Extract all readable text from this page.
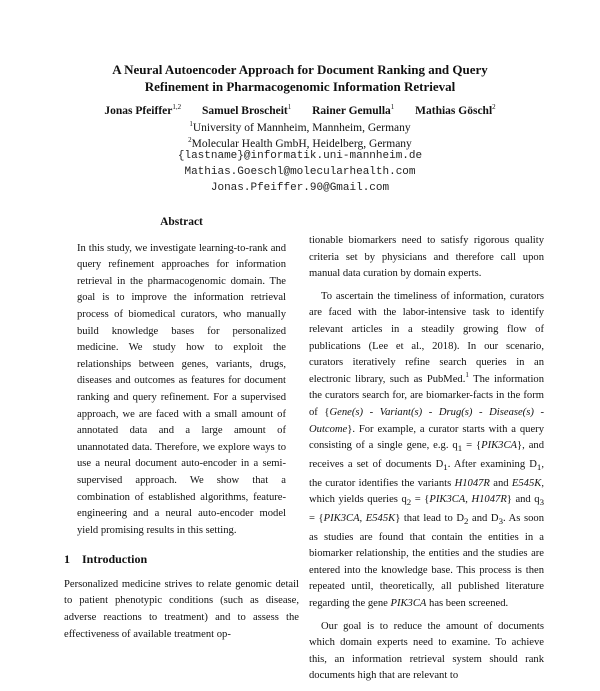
A Neural Autoencoder Approach for Document Ranking and Query
Refinement in Pharmacogenomic Information Retrieval
Jonas Pfeiffer$^{1,2}$ Samuel Broscheit$^1$ Rainer Gemulla$^1$ Mathias Göschl$^2$
$^1$University of Mannheim, Mannheim, Germany
$^2$Molecular Health GmbH, Heidelberg, Germany
{lastname}@informatik.uni-mannheim.de
Mathias.Goeschl@molecularhealth.com
Jonas.Pfeiffer.90@Gmail.com
Abstract

In this study, we investigate learning-to-rank and query refinement approaches for information retrieval in the pharmacogenomic domain. The goal is to improve the information retrieval process of biomedical curators, who manually build knowledge bases for personalized medicine. We study how to exploit the relationships between genes, variants, drugs, diseases and outcomes as features for document ranking and query refinement. For a supervised approach, we are faced with a small amount of annotated data and a large amount of unannotated data. Therefore, we explore ways to use a neural document auto-encoder in a semi-supervised approach. We show that a combination of established algorithms, feature-engineering and a neural auto-encoder model yield promising results in this setting.

1 Introduction

Personalized medicine strives to relate genomic detail to patient phenotypic conditions (such as disease, adverse reactions to treatment) and to assess the effectiveness of available treatment op-

tionable biomarkers need to satisfy rigorous quality criteria set by physicians and therefore call upon manual data curation by domain experts.

To ascertain the timeliness of information, curators are faced with the labor-intensive task to identify relevant articles in a steadily growing flow of publications (Lee et al., 2018). In our scenario, curators iteratively refine search queries in an electronic library, such as PubMed.$^1$ The information the curators search for, are biomarker-facts in the form of {Gene(s) - Variant(s) - Drug(s) - Disease(s) - Outcome}. For example, a curator starts with a query consisting of a single gene, e.g. $q_1 = \{PIK3CA\}$, and receives a set of documents $D_1$. After examining $D_1$, the curator identifies the variants H1047R and E545K, which yields queries $q_2 = \{PIK3CA$, H1047R} and $q_3 = \{PIK3CA$, E545K} that lead to $D_2$ and $D_3$. As soon as studies are found that contain the entities in a biomarker relationship, the entities and the studies are entered into the knowledge base. This process is then repeated until, theoretically, all published literature regarding the gene PIK3CA has been screened.

Our goal is to reduce the amount of documents which domain experts need to examine. To achieve this, an information retrieval system should rank documents high that are relevant to
